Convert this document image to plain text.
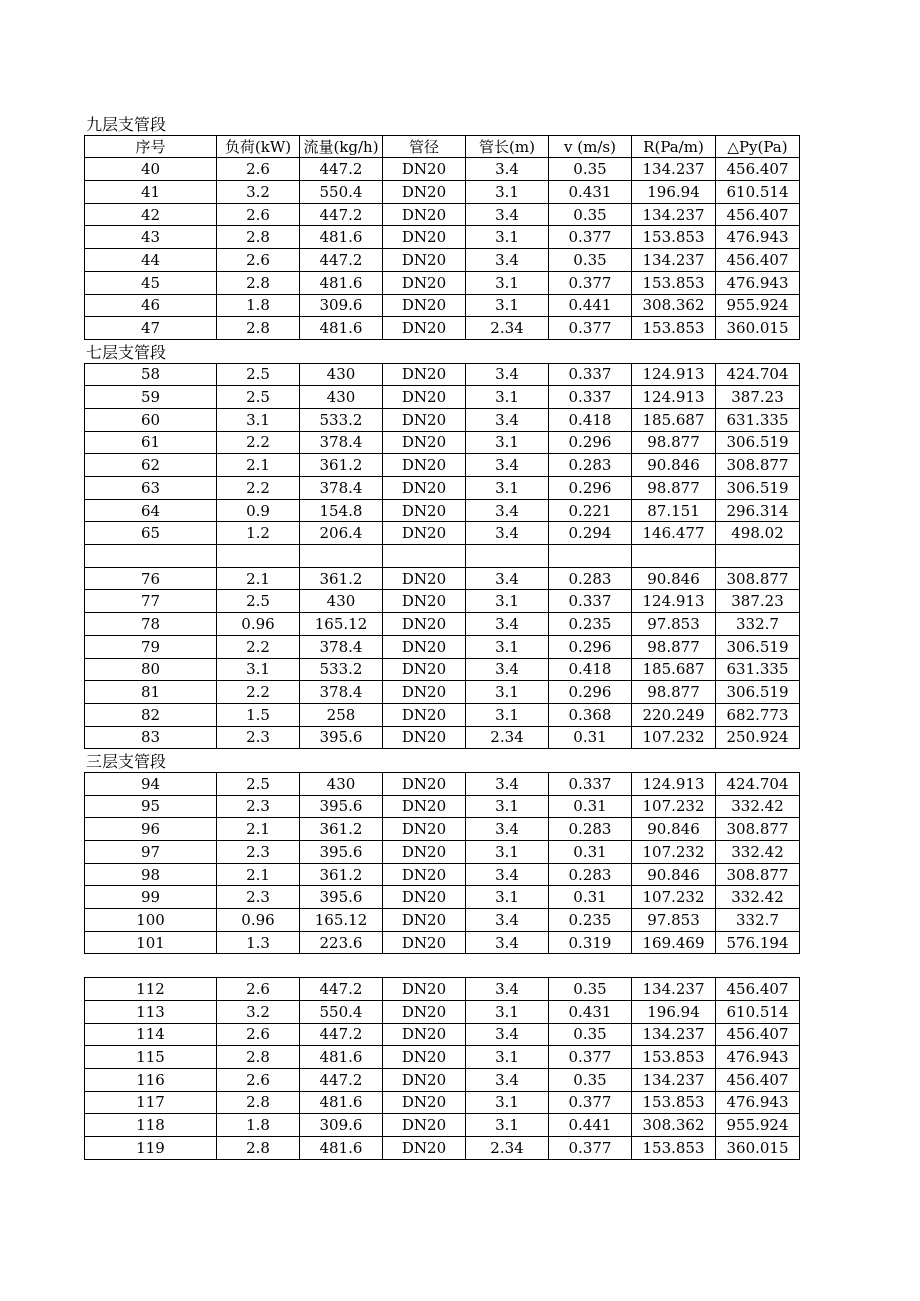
九层支管段
序号	负荷(kW)	流量(kg/h)	管径	管长(m)	v (m/s)	R(Pa/m)	△Py(Pa)
40	2.6	447.2	DN20	3.4	0.35	134.237	456.407
41	3.2	550.4	DN20	3.1	0.431	196.94	610.514
42	2.6	447.2	DN20	3.4	0.35	134.237	456.407
43	2.8	481.6	DN20	3.1	0.377	153.853	476.943
44	2.6	447.2	DN20	3.4	0.35	134.237	456.407
45	2.8	481.6	DN20	3.1	0.377	153.853	476.943
46	1.8	309.6	DN20	3.1	0.441	308.362	955.924
47	2.8	481.6	DN20	2.34	0.377	153.853	360.015
七层支管段
58	2.5	430	DN20	3.4	0.337	124.913	424.704
59	2.5	430	DN20	3.1	0.337	124.913	387.23
60	3.1	533.2	DN20	3.4	0.418	185.687	631.335
61	2.2	378.4	DN20	3.1	0.296	98.877	306.519
62	2.1	361.2	DN20	3.4	0.283	90.846	308.877
63	2.2	378.4	DN20	3.1	0.296	98.877	306.519
64	0.9	154.8	DN20	3.4	0.221	87.151	296.314
65	1.2	206.4	DN20	3.4	0.294	146.477	498.02

76	2.1	361.2	DN20	3.4	0.283	90.846	308.877
77	2.5	430	DN20	3.1	0.337	124.913	387.23
78	0.96	165.12	DN20	3.4	0.235	97.853	332.7
79	2.2	378.4	DN20	3.1	0.296	98.877	306.519
80	3.1	533.2	DN20	3.4	0.418	185.687	631.335
81	2.2	378.4	DN20	3.1	0.296	98.877	306.519
82	1.5	258	DN20	3.1	0.368	220.249	682.773
83	2.3	395.6	DN20	2.34	0.31	107.232	250.924
三层支管段
94	2.5	430	DN20	3.4	0.337	124.913	424.704
95	2.3	395.6	DN20	3.1	0.31	107.232	332.42
96	2.1	361.2	DN20	3.4	0.283	90.846	308.877
97	2.3	395.6	DN20	3.1	0.31	107.232	332.42
98	2.1	361.2	DN20	3.4	0.283	90.846	308.877
99	2.3	395.6	DN20	3.1	0.31	107.232	332.42
100	0.96	165.12	DN20	3.4	0.235	97.853	332.7
101	1.3	223.6	DN20	3.4	0.319	169.469	576.194
112	2.6	447.2	DN20	3.4	0.35	134.237	456.407
113	3.2	550.4	DN20	3.1	0.431	196.94	610.514
114	2.6	447.2	DN20	3.4	0.35	134.237	456.407
115	2.8	481.6	DN20	3.1	0.377	153.853	476.943
116	2.6	447.2	DN20	3.4	0.35	134.237	456.407
117	2.8	481.6	DN20	3.1	0.377	153.853	476.943
118	1.8	309.6	DN20	3.1	0.441	308.362	955.924
119	2.8	481.6	DN20	2.34	0.377	153.853	360.015
